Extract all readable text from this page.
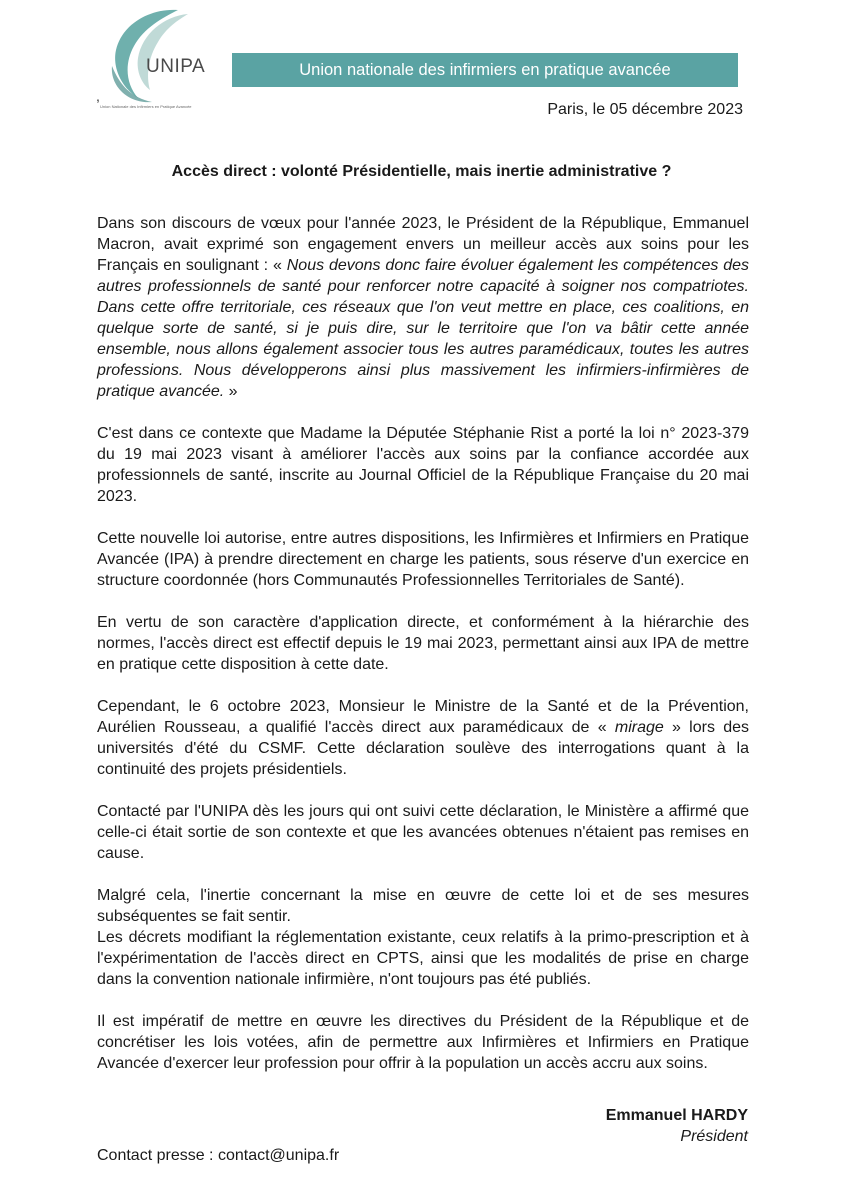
UNIPA
Union Nationale des Infirmiers en Pratique Avancée
Union nationale des infirmiers en pratique avancée
,
Paris, le 05 décembre 2023
Accès direct : volonté Présidentielle, mais inertie administrative ?

Dans son discours de vœux pour l'année 2023, le Président de la République, Emmanuel Macron, avait exprimé son engagement envers un meilleur accès aux soins pour les Français en soulignant : « Nous devons donc faire évoluer également les compétences des autres professionnels de santé pour renforcer notre capacité à soigner nos compatriotes. Dans cette offre territoriale, ces réseaux que l'on veut mettre en place, ces coalitions, en quelque sorte de santé, si je puis dire, sur le territoire que l'on va bâtir cette année ensemble, nous allons également associer tous les autres paramédicaux, toutes les autres professions. Nous développerons ainsi plus massivement les infirmiers-infirmières de pratique avancée. »

C'est dans ce contexte que Madame la Députée Stéphanie Rist a porté la loi n° 2023-379 du 19 mai 2023 visant à améliorer l'accès aux soins par la confiance accordée aux professionnels de santé, inscrite au Journal Officiel de la République Française du 20 mai 2023.

Cette nouvelle loi autorise, entre autres dispositions, les Infirmières et Infirmiers en Pratique Avancée (IPA) à prendre directement en charge les patients, sous réserve d'un exercice en structure coordonnée (hors Communautés Professionnelles Territoriales de Santé).

En vertu de son caractère d'application directe, et conformément à la hiérarchie des normes, l'accès direct est effectif depuis le 19 mai 2023, permettant ainsi aux IPA de mettre en pratique cette disposition à cette date.

Cependant, le 6 octobre 2023, Monsieur le Ministre de la Santé et de la Prévention, Aurélien Rousseau, a qualifié l'accès direct aux paramédicaux de « mirage » lors des universités d'été du CSMF. Cette déclaration soulève des interrogations quant à la continuité des projets présidentiels.

Contacté par l'UNIPA dès les jours qui ont suivi cette déclaration, le Ministère a affirmé que celle-ci était sortie de son contexte et que les avancées obtenues n'étaient pas remises en cause.

Malgré cela, l'inertie concernant la mise en œuvre de cette loi et de ses mesures subséquentes se fait sentir.

Les décrets modifiant la réglementation existante, ceux relatifs à la primo-prescription et à l'expérimentation de l'accès direct en CPTS, ainsi que les modalités de prise en charge dans la convention nationale infirmière, n'ont toujours pas été publiés.

Il est impératif de mettre en œuvre les directives du Président de la République et de concrétiser les lois votées, afin de permettre aux Infirmières et Infirmiers en Pratique Avancée d'exercer leur profession pour offrir à la population un accès accru aux soins.

Emmanuel HARDY
Président
Contact presse : contact@unipa.fr
